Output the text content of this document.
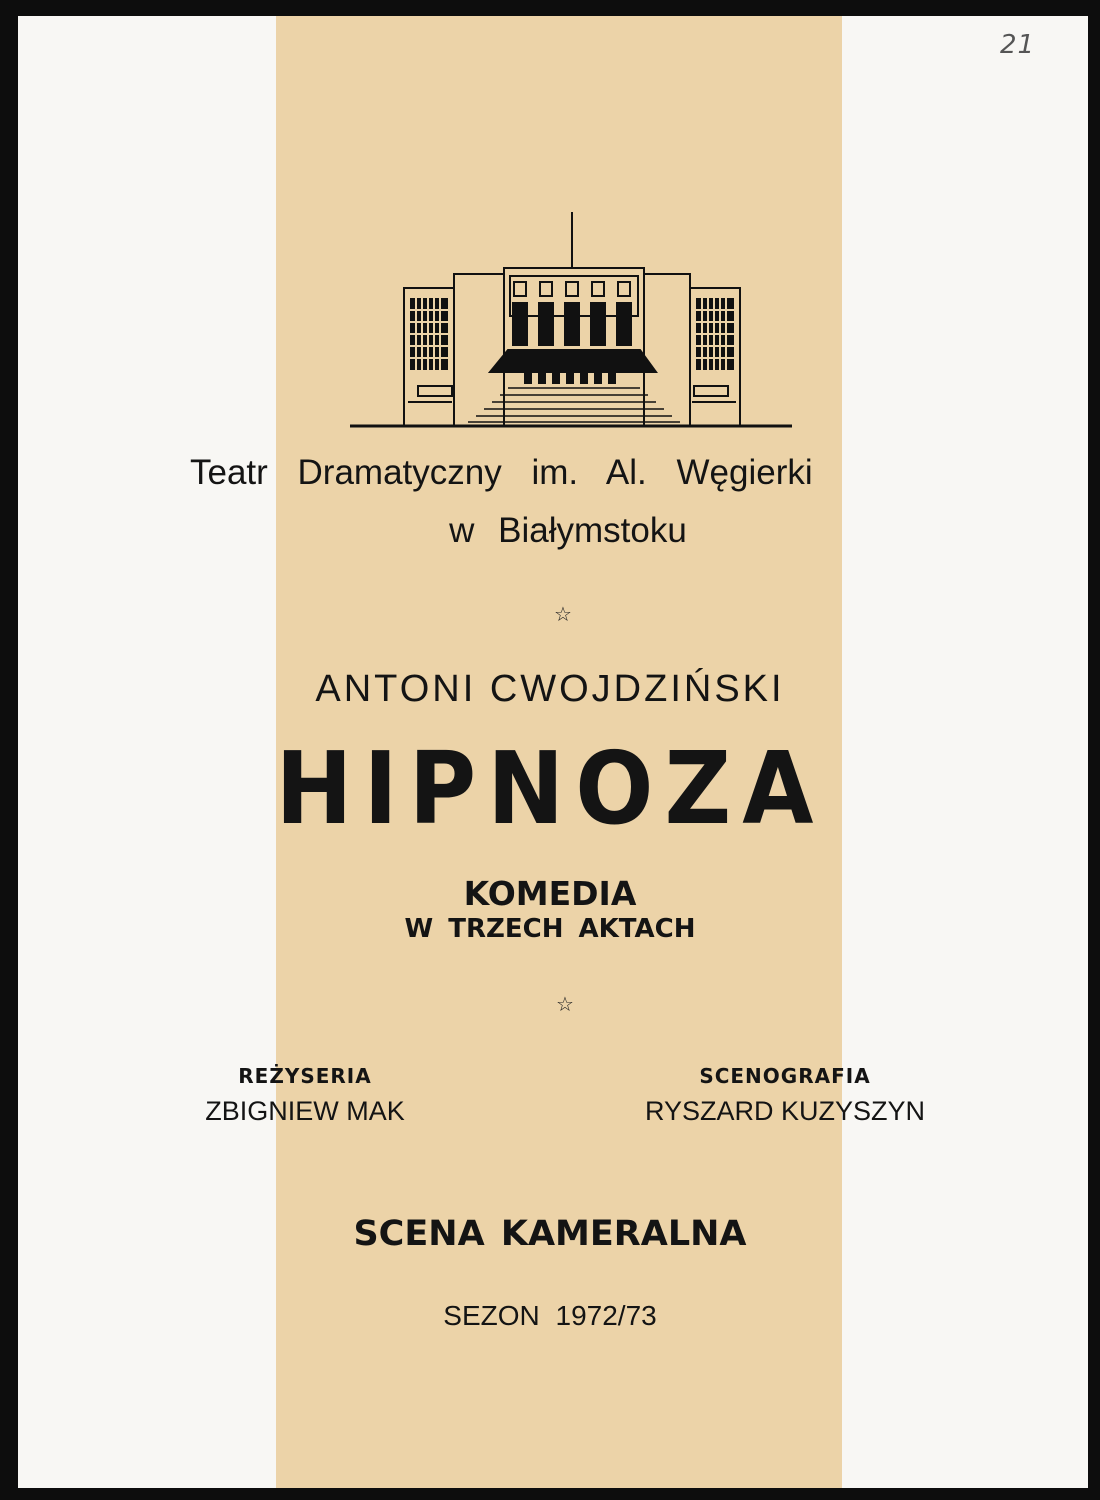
21
Teatr Dramatyczny im. Al. Węgierki
w Białymstoku
☆
ANTONI CWOJDZIŃSKI
HIPNOZA
KOMEDIA
W TRZECH AKTACH
☆
REŻYSERIA
ZBIGNIEW MAK
SCENOGRAFIA
RYSZARD KUZYSZYN
SCENA KAMERALNA
SEZON 1972/73
